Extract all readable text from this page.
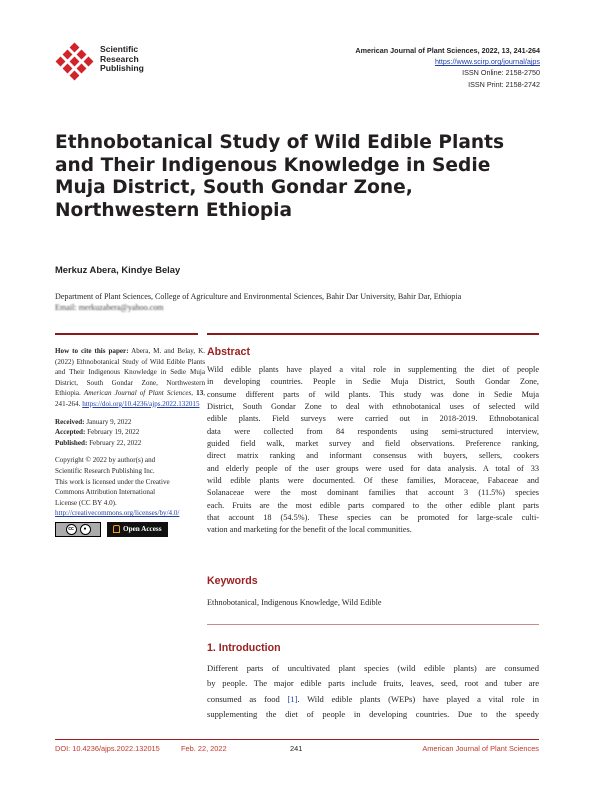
Scientific
Research
Publishing
American Journal of Plant Sciences, 2022, 13, 241-264
https://www.scirp.org/journal/ajps
ISSN Online: 2158-2750
ISSN Print: 2158-2742
Ethnobotanical Study of Wild Edible Plants
and Their Indigenous Knowledge in Sedie
Muja District, South Gondar Zone,
Northwestern Ethiopia
Merkuz Abera, Kindye Belay
Department of Plant Sciences, College of Agriculture and Environmental Sciences, Bahir Dar University, Bahir Dar, Ethiopia
Email: merkuzabera@yahoo.com

How to cite this paper: Abera, M. and Belay, K. (2022) Ethnobotanical Study of Wild Edible Plants and Their Indigenous Knowledge in Sedie Muja District, South Gondar Zone, Northwestern Ethiopia. American Journal of Plant Sciences, 13, 241-264. https://doi.org/10.4236/ajps.2022.132015

Received: January 9, 2022

Accepted: February 19, 2022

Published: February 22, 2022

Copyright © 2022 by author(s) and
Scientific Research Publishing Inc.
This work is licensed under the Creative
Commons Attribution International
License (CC BY 4.0).
http://creativecommons.org/licenses/by/4.0/
cc	●	Open Access
Abstract

Wild edible plants have played a vital role in supplementing the diet of people
in developing countries. People in Sedie Muja District, South Gondar Zone,
consume different parts of wild plants. This study was done in Sedie Muja
District, South Gondar Zone to deal with ethnobotanical uses of selected wild
edible plants. Field surveys were carried out in 2018-2019. Ethnobotanical
data were collected from 84 respondents using semi-structured interview,
guided field walk, market survey and field observations. Preference ranking,
direct matrix ranking and informant consensus with buyers, sellers, cookers
and elderly people of the user groups were used for data analysis. A total of 33
wild edible plants were documented. Of these families, Moraceae, Fabaceae and
Solanaceae were the most dominant families that account 3 (11.5%) species
each. Fruits are the most edible parts compared to the other edible plant parts
that account 18 (54.5%). These species can be promoted for large-scale culti-
vation and marketing for the benefit of the local communities.

Keywords
Ethnobotanical, Indigenous Knowledge, Wild Edible
1. Introduction
Different parts of uncultivated plant species (wild edible plants) are consumed
by people. The major edible parts include fruits, leaves, seed, root and tuber are
consumed as food [1]. Wild edible plants (WEPs) have played a vital role in
supplementing the diet of people in developing countries. Due to the speedy
DOI: 10.4236/ajps.2022.132015	Feb. 22, 2022	241	American Journal of Plant Sciences
